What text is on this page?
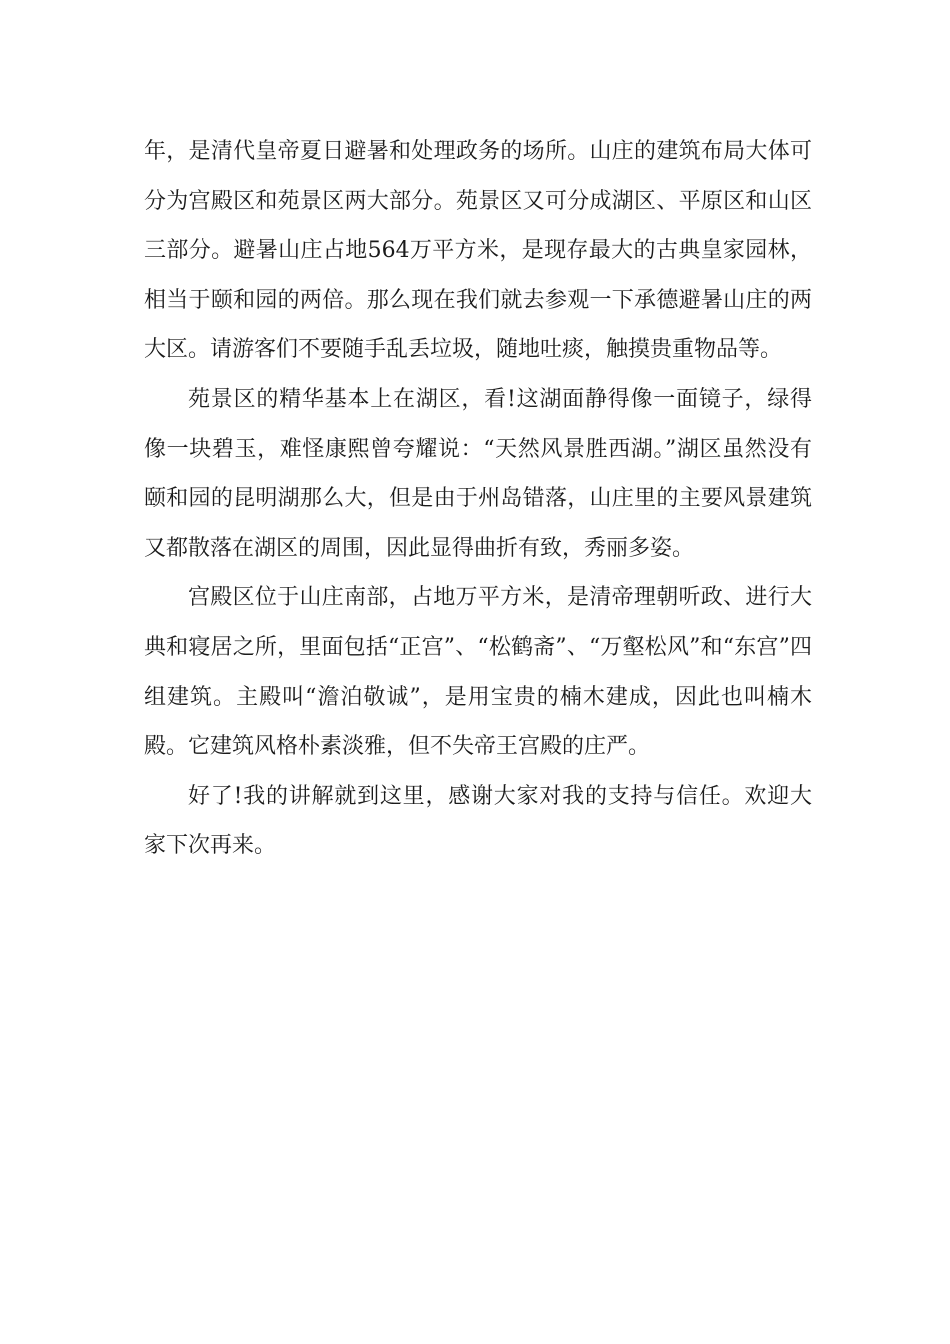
年，是清代皇帝夏日避暑和处理政务的场所。山庄的建筑布局大体可分为宫殿区和苑景区两大部分。苑景区又可分成湖区、平原区和山区三部分。避暑山庄占地564万平方米，是现存最大的古典皇家园林，相当于颐和园的两倍。那么现在我们就去参观一下承德避暑山庄的两大区。请游客们不要随手乱丢垃圾，随地吐痰，触摸贵重物品等。

苑景区的精华基本上在湖区，看!这湖面静得像一面镜子，绿得像一块碧玉，难怪康熙曾夸耀说：“天然风景胜西湖。”湖区虽然没有颐和园的昆明湖那么大，但是由于州岛错落，山庄里的主要风景建筑又都散落在湖区的周围，因此显得曲折有致，秀丽多姿。

宫殿区位于山庄南部，占地万平方米，是清帝理朝听政、进行大典和寝居之所，里面包括“正宫”、“松鹤斋”、“万壑松风”和“东宫”四组建筑。主殿叫“澹泊敬诚”，是用宝贵的楠木建成，因此也叫楠木殿。它建筑风格朴素淡雅，但不失帝王宫殿的庄严。

好了!我的讲解就到这里，感谢大家对我的支持与信任。欢迎大家下次再来。
